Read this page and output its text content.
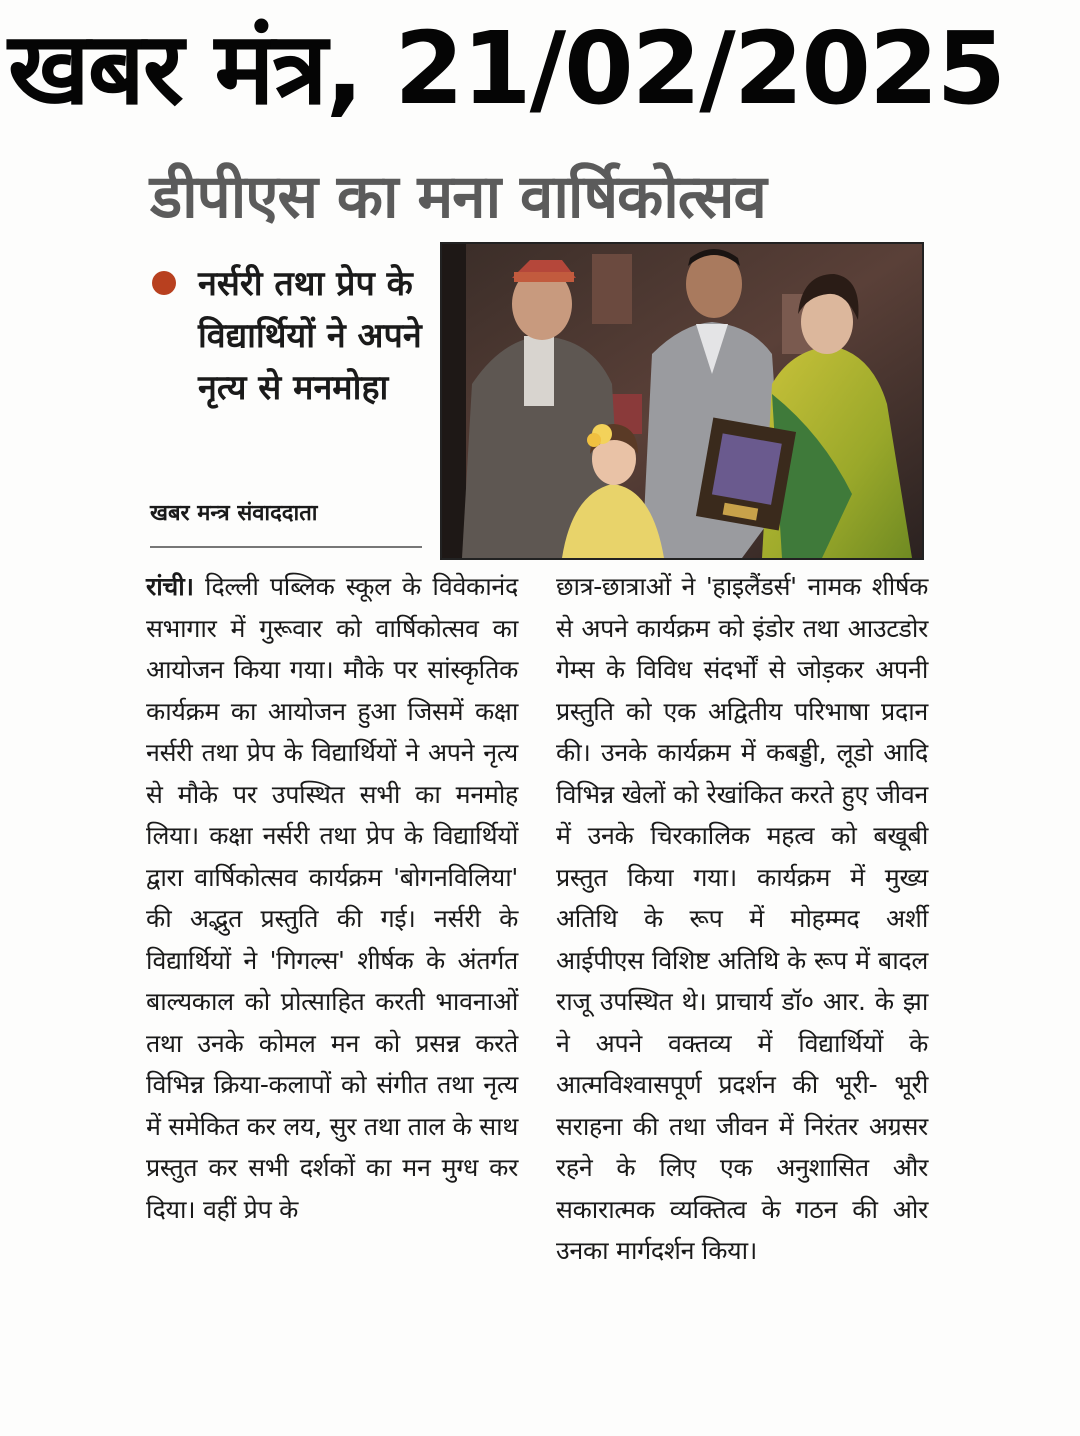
खबर मंत्र, 21/02/2025
डीपीएस का मना वार्षिकोत्सव
नर्सरी तथा प्रेप के विद्यार्थियों ने अपने नृत्य से मनमोहा
खबर मन्त्र संवाददाता
रांची। दिल्ली पब्लिक स्कूल के विवेकानंद सभागार में गुरूवार को वार्षिकोत्सव का आयोजन किया गया। मौके पर सांस्कृतिक कार्यक्रम का आयोजन हुआ जिसमें कक्षा नर्सरी तथा प्रेप के विद्यार्थियों ने अपने नृत्य से मौके पर उपस्थित सभी का मनमोह लिया। कक्षा नर्सरी तथा प्रेप के विद्यार्थियों द्वारा वार्षिकोत्सव कार्यक्रम 'बोगनविलिया' की अद्भुत प्रस्तुति की गई। नर्सरी के विद्यार्थियों ने 'गिगल्स' शीर्षक के अंतर्गत बाल्यकाल को प्रोत्साहित करती भावनाओं तथा उनके कोमल मन को प्रसन्न करते विभिन्न क्रिया-कलापों को संगीत तथा नृत्य में समेकित कर लय, सुर तथा ताल के साथ प्रस्तुत कर सभी दर्शकों का मन मुग्ध कर दिया। वहीं प्रेप के
छात्र-छात्राओं ने 'हाइलैंडर्स' नामक शीर्षक से अपने कार्यक्रम को इंडोर तथा आउटडोर गेम्स के विविध संदर्भों से जोड़कर अपनी प्रस्तुति को एक अद्वितीय परिभाषा प्रदान की। उनके कार्यक्रम में कबड्डी, लूडो आदि विभिन्न खेलों को रेखांकित करते हुए जीवन में उनके चिरकालिक महत्व को बखूबी प्रस्तुत किया गया। कार्यक्रम में मुख्य अतिथि के रूप में मोहम्मद अर्शी आईपीएस विशिष्ट अतिथि के रूप में बादल राजू उपस्थित थे। प्राचार्य डॉ० आर. के झा ने अपने वक्तव्य में विद्यार्थियों के आत्मविश्वासपूर्ण प्रदर्शन की भूरी- भूरी सराहना की तथा जीवन में निरंतर अग्रसर रहने के लिए एक अनुशासित और सकारात्मक व्यक्तित्व के गठन की ओर उनका मार्गदर्शन किया।
